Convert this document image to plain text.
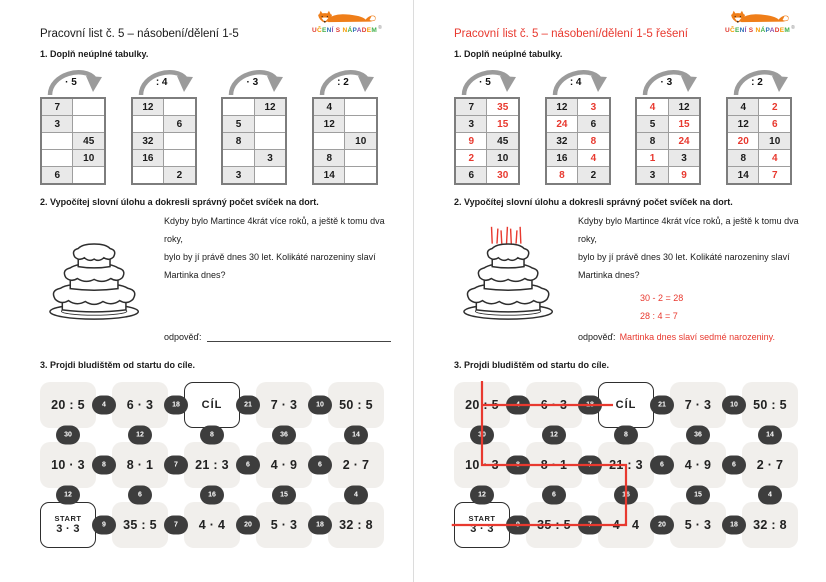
UČENÍ S NÁPADEM®
Pracovní list č. 5 – násobení/dělení 1-5
1. Doplň neúplné tabulky.
· 5
7	
3	
	45
	10
6	
: 4
12	
	6
32	
16	
	2
· 3
	12
5	
8	
	3
3	
: 2
4	
12	
	10
8	
14	
2. Vypočítej slovní úlohu a dokresli správný počet svíček na dort.
Kdyby bylo Martince 4krát více roků, a ještě k tomu dva roky,
bylo by jí právě dnes 30 let. Kolikáté narozeniny slaví
Martinka dnes?
odpověď:
3. Projdi bludištěm od startu do cíle.
20 : 5	6 · 3	CÍL	7 · 3	50 : 5
10 · 3	8 · 1	21 : 3	4 · 9	2 · 7
START
3 · 3	35 : 5	4 · 4	5 · 3	32 : 8
4	18	21	10
8	7	6	6
9	7	20	18
30	12	8	36	14
12	6	16	15	4
UČENÍ S NÁPADEM®
Pracovní list č. 5 – násobení/dělení 1-5 řešení
1. Doplň neúplné tabulky.
· 5
7	35
3	15
9	45
2	10
6	30
: 4
12	3
24	6
32	8
16	4
8	2
· 3
4	12
5	15
8	24
1	3
3	9
: 2
4	2
12	6
20	10
8	4
14	7
2. Vypočítej slovní úlohu a dokresli správný počet svíček na dort.
Kdyby bylo Martince 4krát více roků, a ještě k tomu dva roky,
bylo by jí právě dnes 30 let. Kolikáté narozeniny slaví
Martinka dnes?
30 - 2 = 28
28 : 4 = 7
odpověď: Martinka dnes slaví sedmé narozeniny.
3. Projdi bludištěm od startu do cíle.
20 : 5	6 · 3	CÍL	7 · 3	50 : 5
10 · 3	8 · 1	21 : 3	4 · 9	2 · 7
START
3 · 3	35 : 5	4 · 4	5 · 3	32 : 8
4	18	21	10
8	7	6	6
9	7	20	18
30	12	8	36	14
12	6	16	15	4
